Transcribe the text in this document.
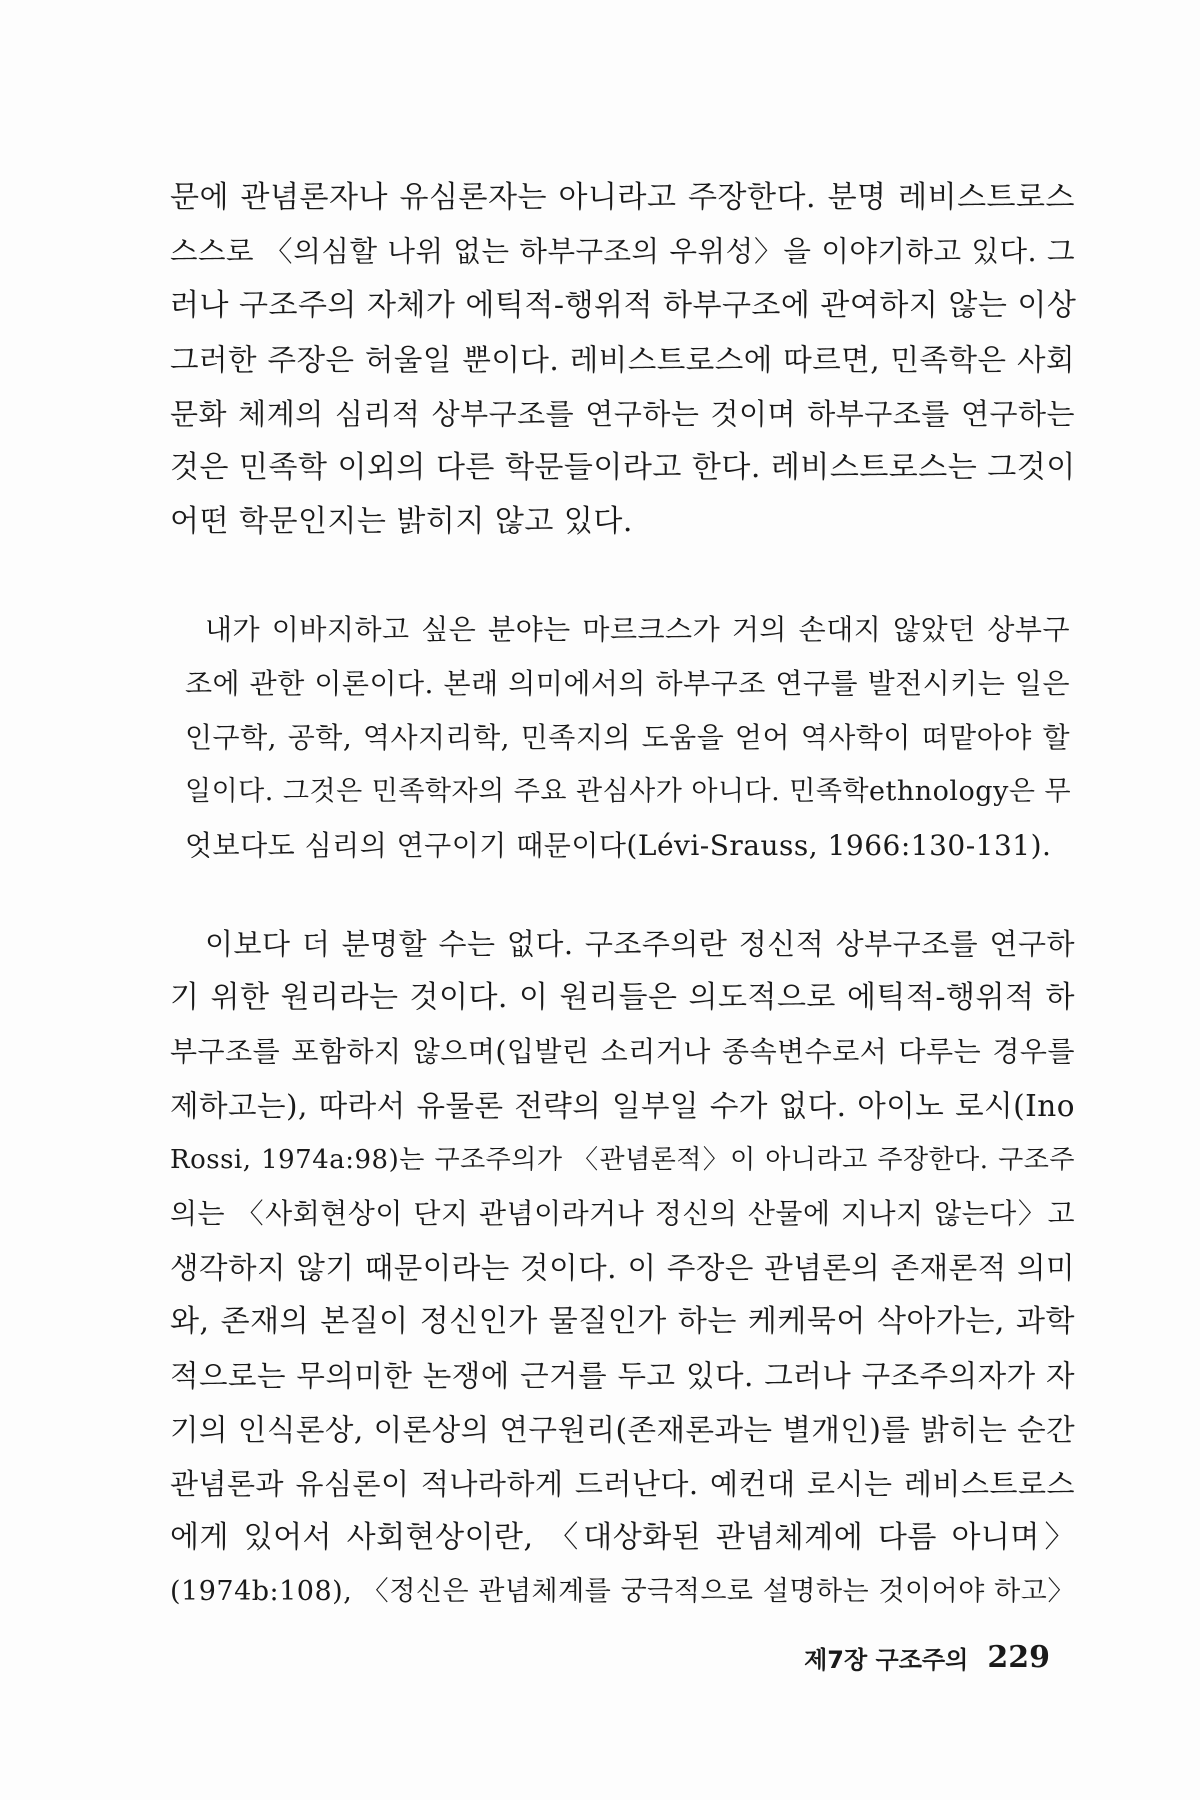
문에 관념론자나 유심론자는 아니라고 주장한다. 분명 레비스트로스
스스로 〈의심할 나위 없는 하부구조의 우위성〉을 이야기하고 있다. 그
러나 구조주의 자체가 에틱적-행위적 하부구조에 관여하지 않는 이상
그러한 주장은 허울일 뿐이다. 레비스트로스에 따르면, 민족학은 사회
문화 체계의 심리적 상부구조를 연구하는 것이며 하부구조를 연구하는
것은 민족학 이외의 다른 학문들이라고 한다. 레비스트로스는 그것이
어떤 학문인지는 밝히지 않고 있다.
내가 이바지하고 싶은 분야는 마르크스가 거의 손대지 않았던 상부구
조에 관한 이론이다. 본래 의미에서의 하부구조 연구를 발전시키는 일은
인구학, 공학, 역사지리학, 민족지의 도움을 얻어 역사학이 떠맡아야 할
일이다. 그것은 민족학자의 주요 관심사가 아니다. 민족학ethnology은 무
엇보다도 심리의 연구이기 때문이다(Lévi-Srauss, 1966:130-131).
이보다 더 분명할 수는 없다. 구조주의란 정신적 상부구조를 연구하
기 위한 원리라는 것이다. 이 원리들은 의도적으로 에틱적-행위적 하
부구조를 포함하지 않으며(입발린 소리거나 종속변수로서 다루는 경우를
제하고는), 따라서 유물론 전략의 일부일 수가 없다. 아이노 로시(Ino
Rossi, 1974a:98)는 구조주의가 〈관념론적〉이 아니라고 주장한다. 구조주
의는 〈사회현상이 단지 관념이라거나 정신의 산물에 지나지 않는다〉고
생각하지 않기 때문이라는 것이다. 이 주장은 관념론의 존재론적 의미
와, 존재의 본질이 정신인가 물질인가 하는 케케묵어 삭아가는, 과학
적으로는 무의미한 논쟁에 근거를 두고 있다. 그러나 구조주의자가 자
기의 인식론상, 이론상의 연구원리(존재론과는 별개인)를 밝히는 순간
관념론과 유심론이 적나라하게 드러난다. 예컨대 로시는 레비스트로스
에게 있어서 사회현상이란, 〈대상화된 관념체계에 다름 아니며〉
(1974b:108), 〈정신은 관념체계를 궁극적으로 설명하는 것이어야 하고〉
제7장 구조주의 229
